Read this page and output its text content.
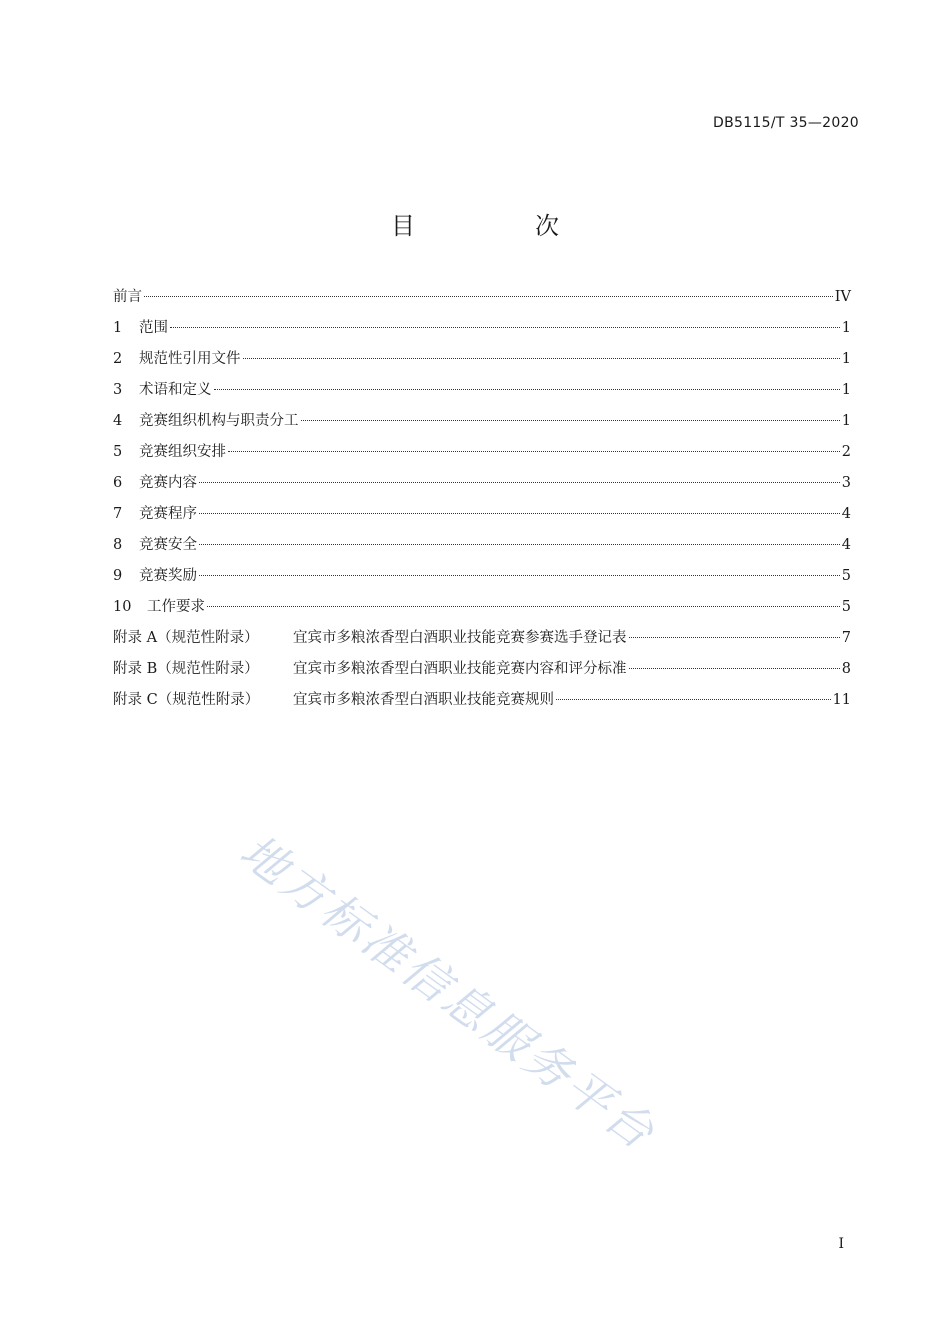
DB5115/T 35—2020
目　次
前言	IV
1	范围	1
2	规范性引用文件	1
3	术语和定义	1
4	竞赛组织机构与职责分工	1
5	竞赛组织安排	2
6	竞赛内容	3
7	竞赛程序	4
8	竞赛安全	4
9	竞赛奖励	5
10	工作要求	5
附录 A（规范性附录）	宜宾市多粮浓香型白酒职业技能竞赛参赛选手登记表	7
附录 B（规范性附录）	宜宾市多粮浓香型白酒职业技能竞赛内容和评分标准	8
附录 C（规范性附录）	宜宾市多粮浓香型白酒职业技能竞赛规则	11
地方标准信息服务平台
I
